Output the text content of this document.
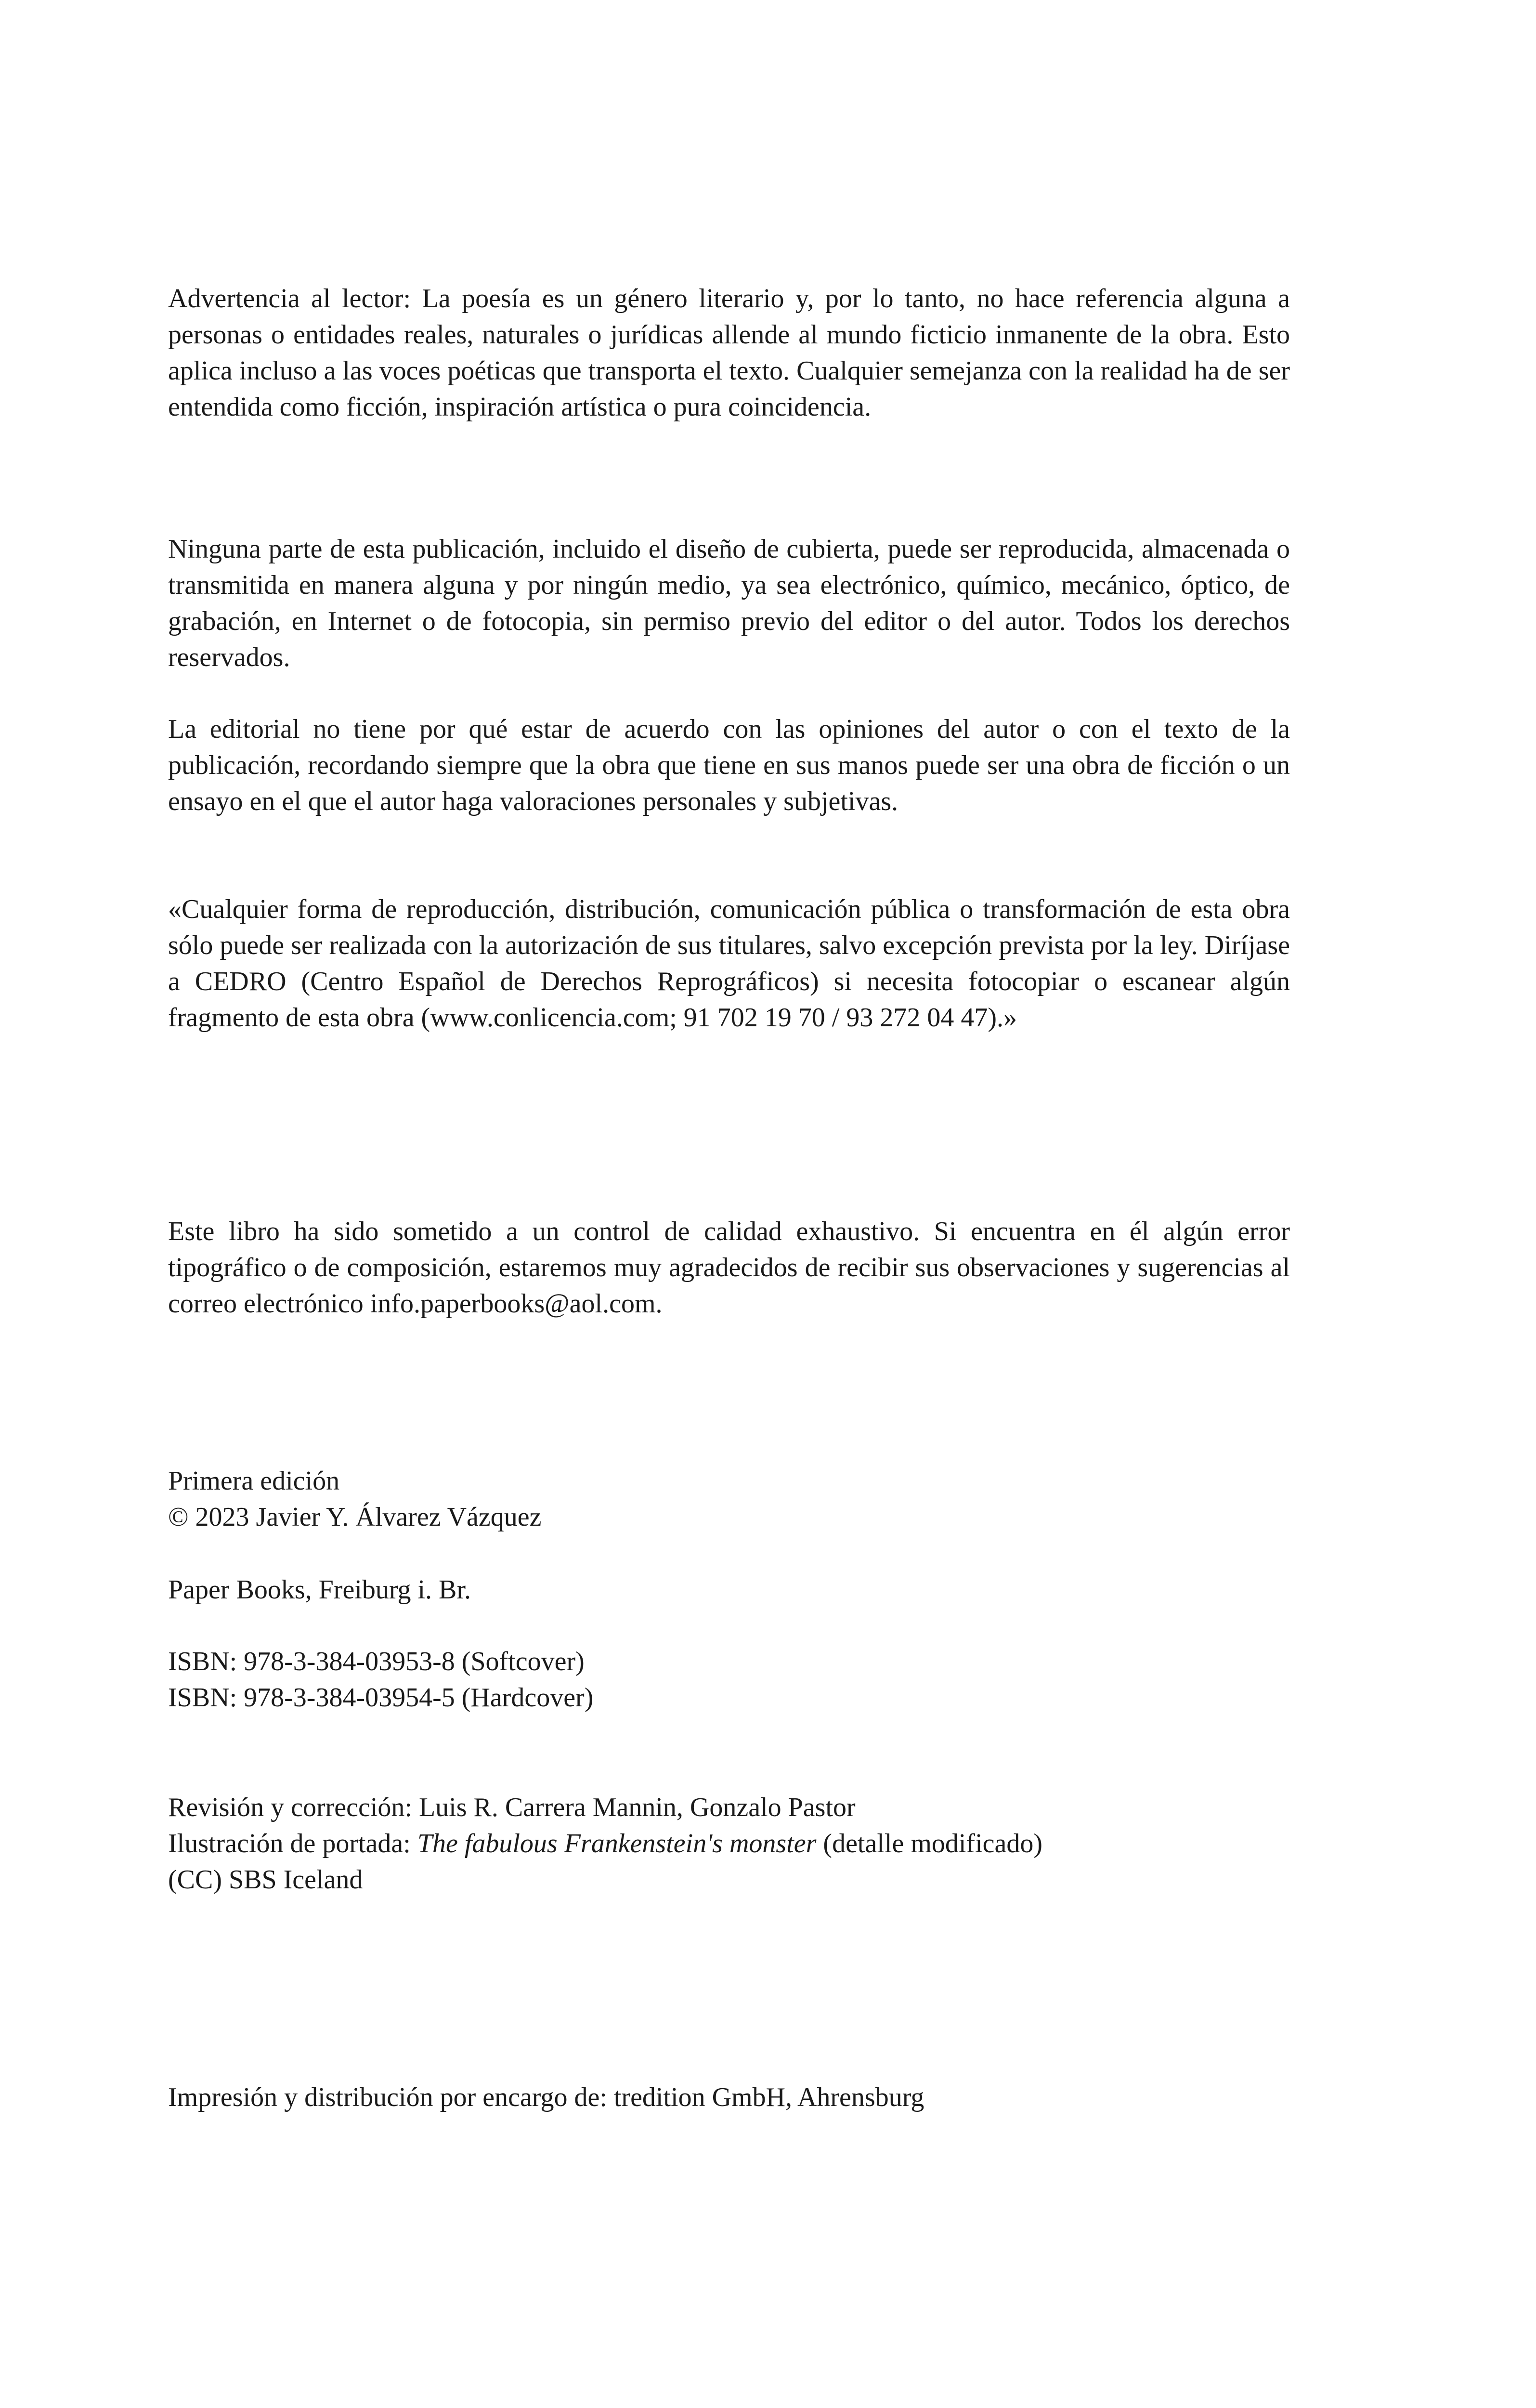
Advertencia al lector: La poesía es un género literario y, por lo tanto, no hace referencia alguna a personas o entidades reales, naturales o jurídicas allende al mundo ficticio inmanente de la obra. Esto aplica incluso a las voces poéticas que transporta el texto. Cualquier semejanza con la realidad ha de ser entendida como ficción, inspiración artística o pura coincidencia.

Ninguna parte de esta publicación, incluido el diseño de cubierta, puede ser reproducida, almacenada o transmitida en manera alguna y por ningún medio, ya sea electrónico, químico, mecánico, óptico, de grabación, en Internet o de fotocopia, sin permiso previo del editor o del autor. Todos los derechos reservados.

La editorial no tiene por qué estar de acuerdo con las opiniones del autor o con el texto de la publicación, recordando siempre que la obra que tiene en sus manos puede ser una obra de ficción o un ensayo en el que el autor haga valoraciones personales y subjetivas.

«Cualquier forma de reproducción, distribución, comunicación pública o transformación de esta obra sólo puede ser realizada con la autorización de sus titulares, salvo excepción prevista por la ley. Diríjase a CEDRO (Centro Español de Derechos Reprográficos) si necesita fotocopiar o escanear algún fragmento de esta obra (www.conlicencia.com; 91 702 19 70 / 93 272 04 47).»

Este libro ha sido sometido a un control de calidad exhaustivo. Si encuentra en él algún error tipográfico o de composición, estaremos muy agradecidos de recibir sus observaciones y sugerencias al correo electrónico info.paperbooks@aol.com.

Primera edición
© 2023 Javier Y. Álvarez Vázquez
Paper Books, Freiburg i. Br.
ISBN: 978-3-384-03953-8 (Softcover)
ISBN: 978-3-384-03954-5 (Hardcover)
Revisión y corrección: Luis R. Carrera Mannin, Gonzalo Pastor
Ilustración de portada: The fabulous Frankenstein's monster (detalle modificado)
(CC) SBS Iceland
Impresión y distribución por encargo de: tredition GmbH, Ahrensburg
